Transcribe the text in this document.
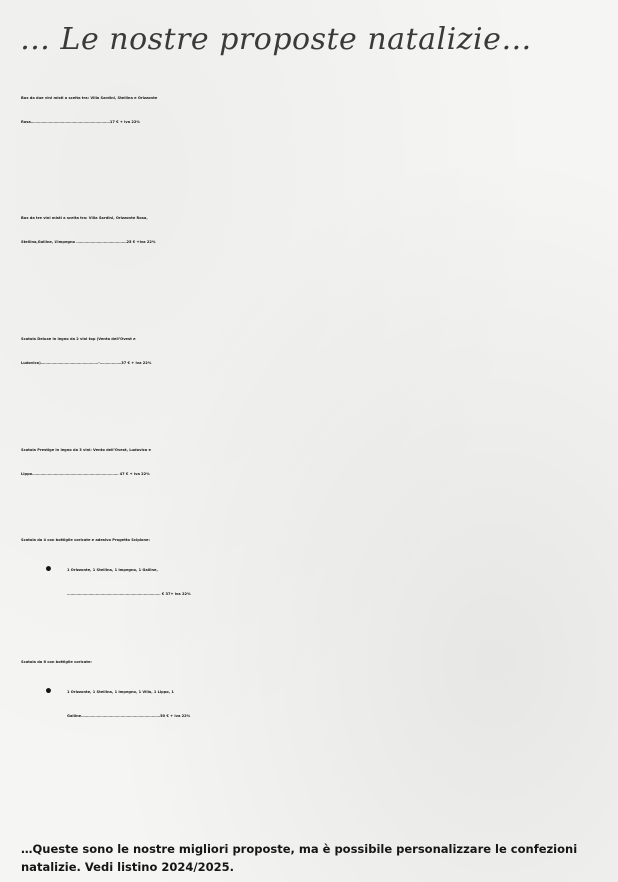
… Le nostre proposte natalizie…

Box da due vini misti a scelta tra: Villa Sardini, Stellina e Orizzonte

Rosa…………………………………………………………17 € + iva 22%

Box da tre vini misti a scelta tra: Villa Sardini, Orizzonte Rosa,

Stellina,Galline, L’Impegno ……………………………………25 € +iva 22%

Scatola Deluxe in legno da 2 vini top (Vento dell’Ovest e

Ludovico)…………………………………………-………………37 € + iva 22%

Scatola Prestige in legno da 3 vini: Vento dell’Ovest, Ludovico e

Lippo……………………………………………………………… 47 € + iva 22%

Scatola da 4 con bottiglie coricate e adesivo Progetto Scipione:

• 1 Orizzonte, 1 Stellina, 1 Impegno, 1 Galline,

…………………………………………………………………… € 37+ iva 22%

Scatola da 6 con bottiglie coricate:

• 1 Orizzonte, 1 Stellina, 1 Impegno, 1 Villa, 1 Lippo, 1

Galline…………………………………………………………50 € + iva 22%

…Queste sono le nostre migliori proposte, ma è possibile personalizzare le confezioni

natalizie. Vedi listino 2024/2025.
